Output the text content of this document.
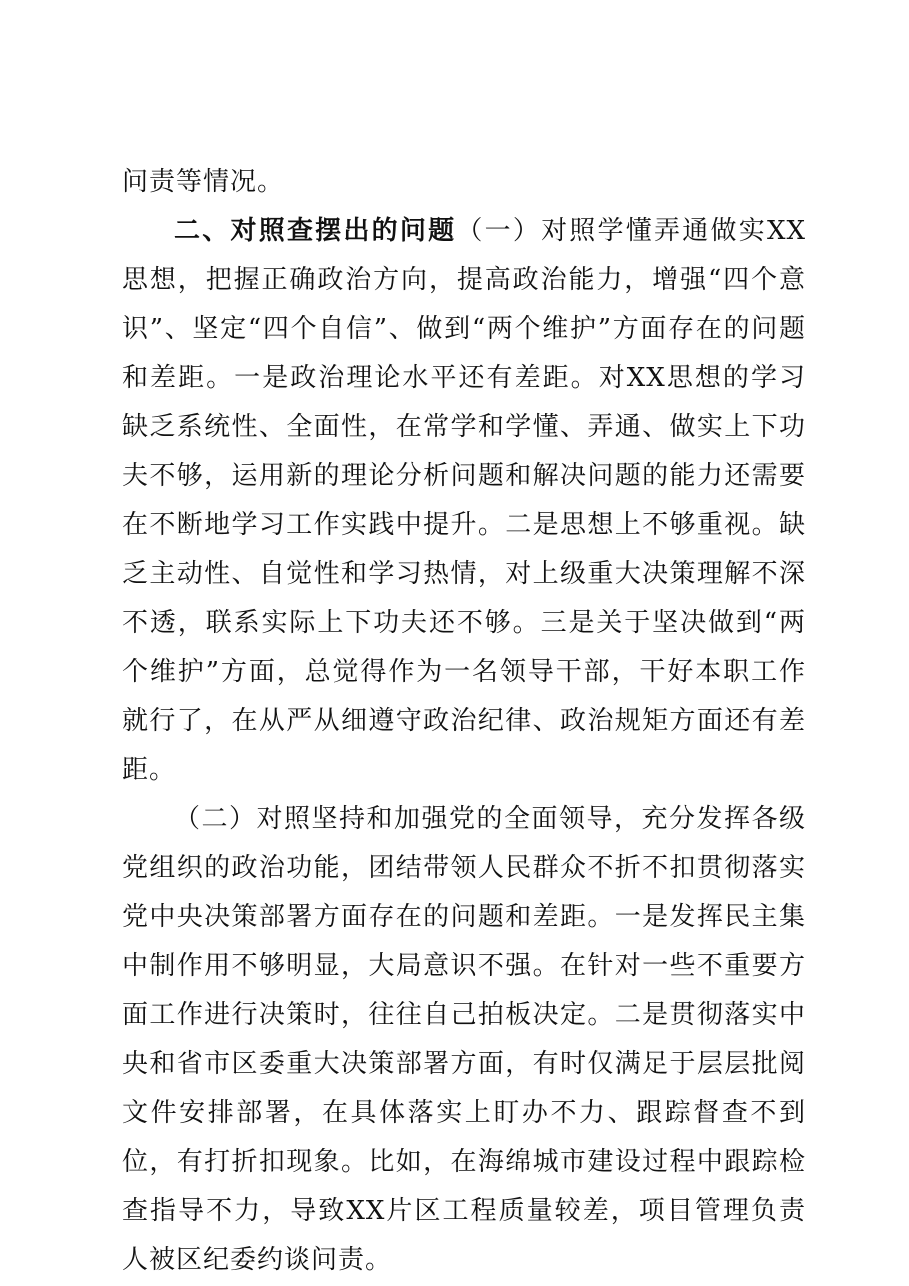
问责等情况。

二、对照查摆出的问题（一）对照学懂弄通做实XX思想，把握正确政治方向，提高政治能力，增强“四个意识”、坚定“四个自信”、做到“两个维护”方面存在的问题和差距。一是政治理论水平还有差距。对XX思想的学习缺乏系统性、全面性，在常学和学懂、弄通、做实上下功夫不够，运用新的理论分析问题和解决问题的能力还需要在不断地学习工作实践中提升。二是思想上不够重视。缺乏主动性、自觉性和学习热情，对上级重大决策理解不深不透，联系实际上下功夫还不够。三是关于坚决做到“两个维护”方面，总觉得作为一名领导干部，干好本职工作就行了，在从严从细遵守政治纪律、政治规矩方面还有差距。

（二）对照坚持和加强党的全面领导，充分发挥各级党组织的政治功能，团结带领人民群众不折不扣贯彻落实党中央决策部署方面存在的问题和差距。一是发挥民主集中制作用不够明显，大局意识不强。在针对一些不重要方面工作进行决策时，往往自己拍板决定。二是贯彻落实中央和省市区委重大决策部署方面，有时仅满足于层层批阅文件安排部署，在具体落实上盯办不力、跟踪督查不到位，有打折扣现象。比如，在海绵城市建设过程中跟踪检查指导不力，导致XX片区工程质量较差，项目管理负责人被区纪委约谈问责。
